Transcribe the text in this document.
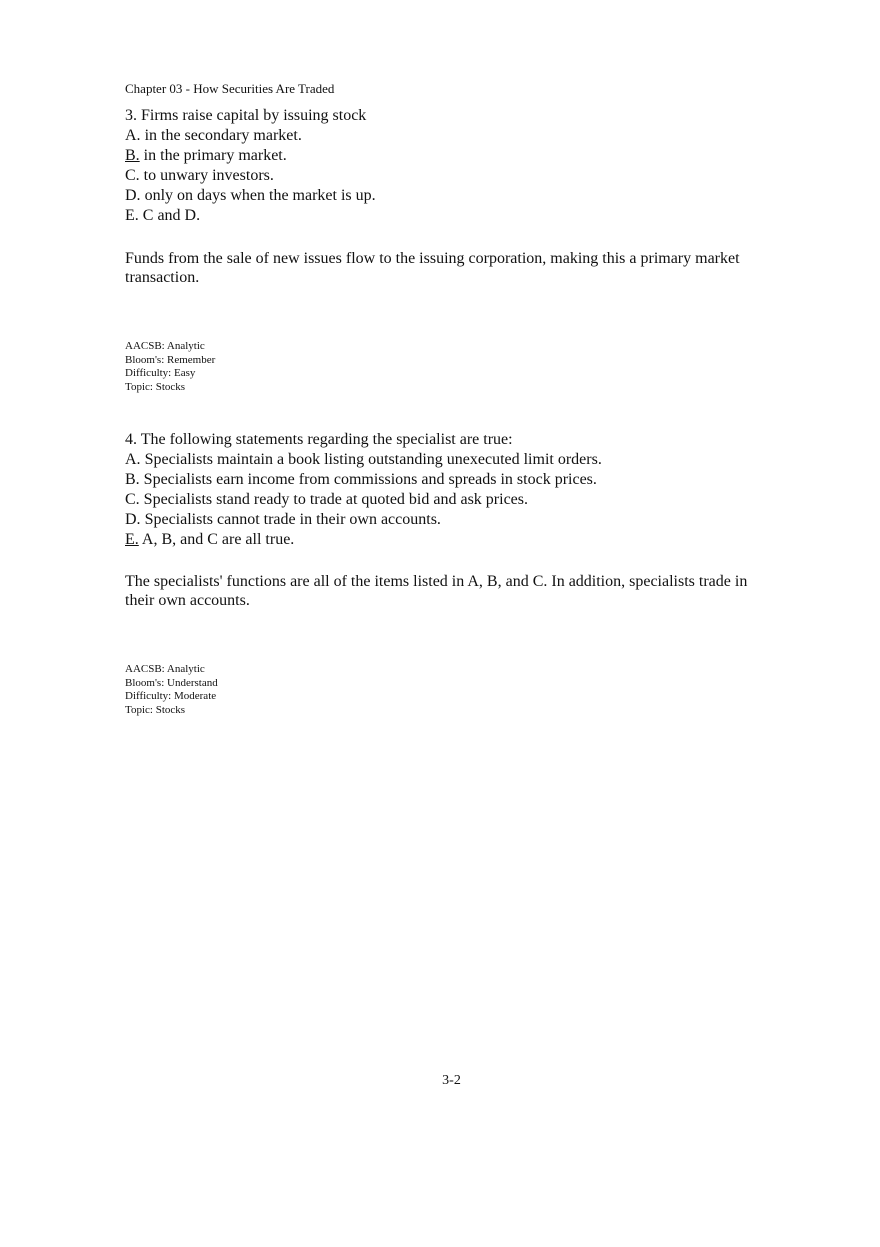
Chapter 03 - How Securities Are Traded
3. Firms raise capital by issuing stock
A. in the secondary market.
B. in the primary market.
C. to unwary investors.
D. only on days when the market is up.
E. C and D.
Funds from the sale of new issues flow to the issuing corporation, making this a primary market transaction.
AACSB: Analytic
Bloom's: Remember
Difficulty: Easy
Topic: Stocks
4. The following statements regarding the specialist are true:
A. Specialists maintain a book listing outstanding unexecuted limit orders.
B. Specialists earn income from commissions and spreads in stock prices.
C. Specialists stand ready to trade at quoted bid and ask prices.
D. Specialists cannot trade in their own accounts.
E. A, B, and C are all true.
The specialists' functions are all of the items listed in A, B, and C. In addition, specialists trade in their own accounts.
AACSB: Analytic
Bloom's: Understand
Difficulty: Moderate
Topic: Stocks
3-2
